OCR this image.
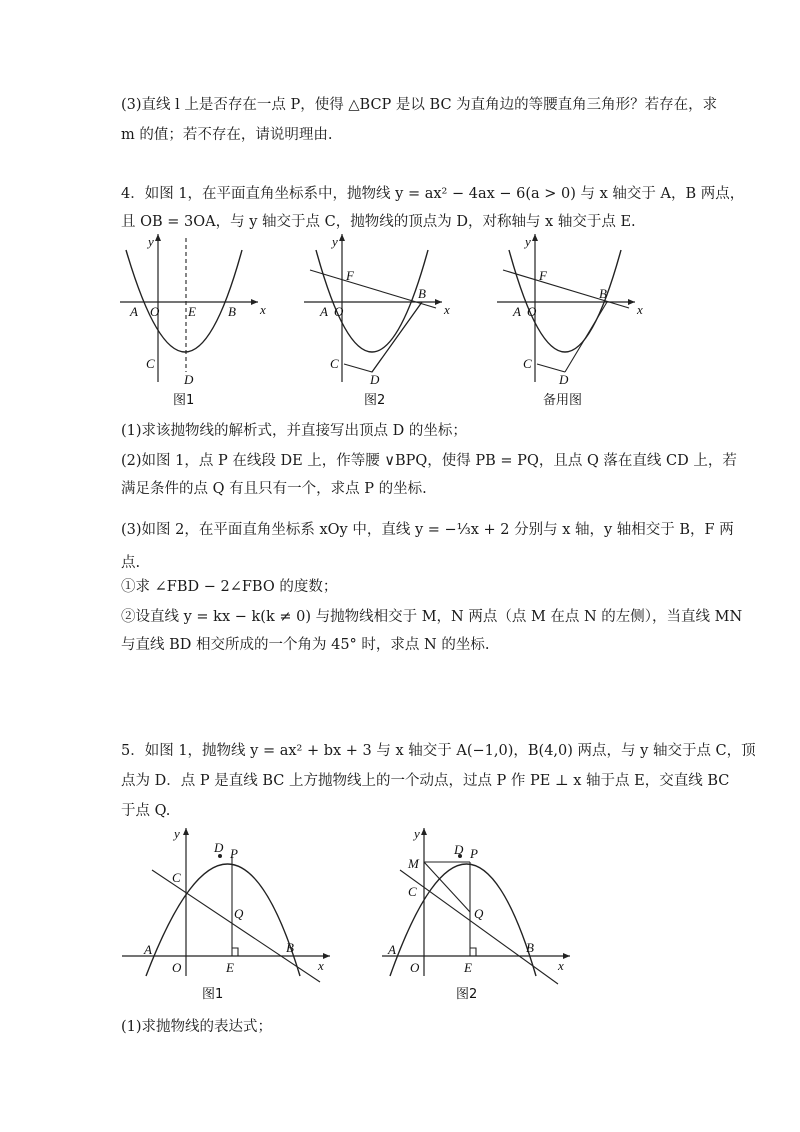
(3)直线 l 上是否存在一点 P，使得 △BCP 是以 BC 为直角边的等腰直角三角形？若存在，求
m 的值；若不存在，请说明理由.
4．如图 1，在平面直角坐标系中，抛物线 y = ax² − 4ax − 6(a > 0) 与 x 轴交于 A，B 两点，
且 OB = 3OA，与 y 轴交于点 C，抛物线的顶点为 D，对称轴与 x 轴交于点 E.
y
x
A O E B
C
D
图1
y
x
A O
F
B
C
D
图2
y
x
A O
F
B
C
D
备用图
(1)求该抛物线的解析式，并直接写出顶点 D 的坐标；
(2)如图 1，点 P 在线段 DE 上，作等腰 ∨BPQ，使得 PB = PQ，且点 Q 落在直线 CD 上，若
满足条件的点 Q 有且只有一个，求点 P 的坐标.
(3)如图 2，在平面直角坐标系 xOy 中，直线 y = −⅓x + 2 分别与 x 轴，y 轴相交于 B，F 两
点.
①求 ∠FBD − 2∠FBO 的度数；
②设直线 y = kx − k(k ≠ 0) 与抛物线相交于 M，N 两点（点 M 在点 N 的左侧），当直线 MN
与直线 BD 相交所成的一个角为 45° 时，求点 N 的坐标.
5．如图 1，抛物线 y = ax² + bx + 3 与 x 轴交于 A(−1,0)，B(4,0) 两点，与 y 轴交于点 C，顶
点为 D．点 P 是直线 BC 上方抛物线上的一个动点，过点 P 作 PE ⊥ x 轴于点 E，交直线 BC
于点 Q.
y
x
A
O	E
B
C
D P
Q
图1
y
x
A
O	E
B
C
D P
Q
M
图2
(1)求抛物线的表达式；
